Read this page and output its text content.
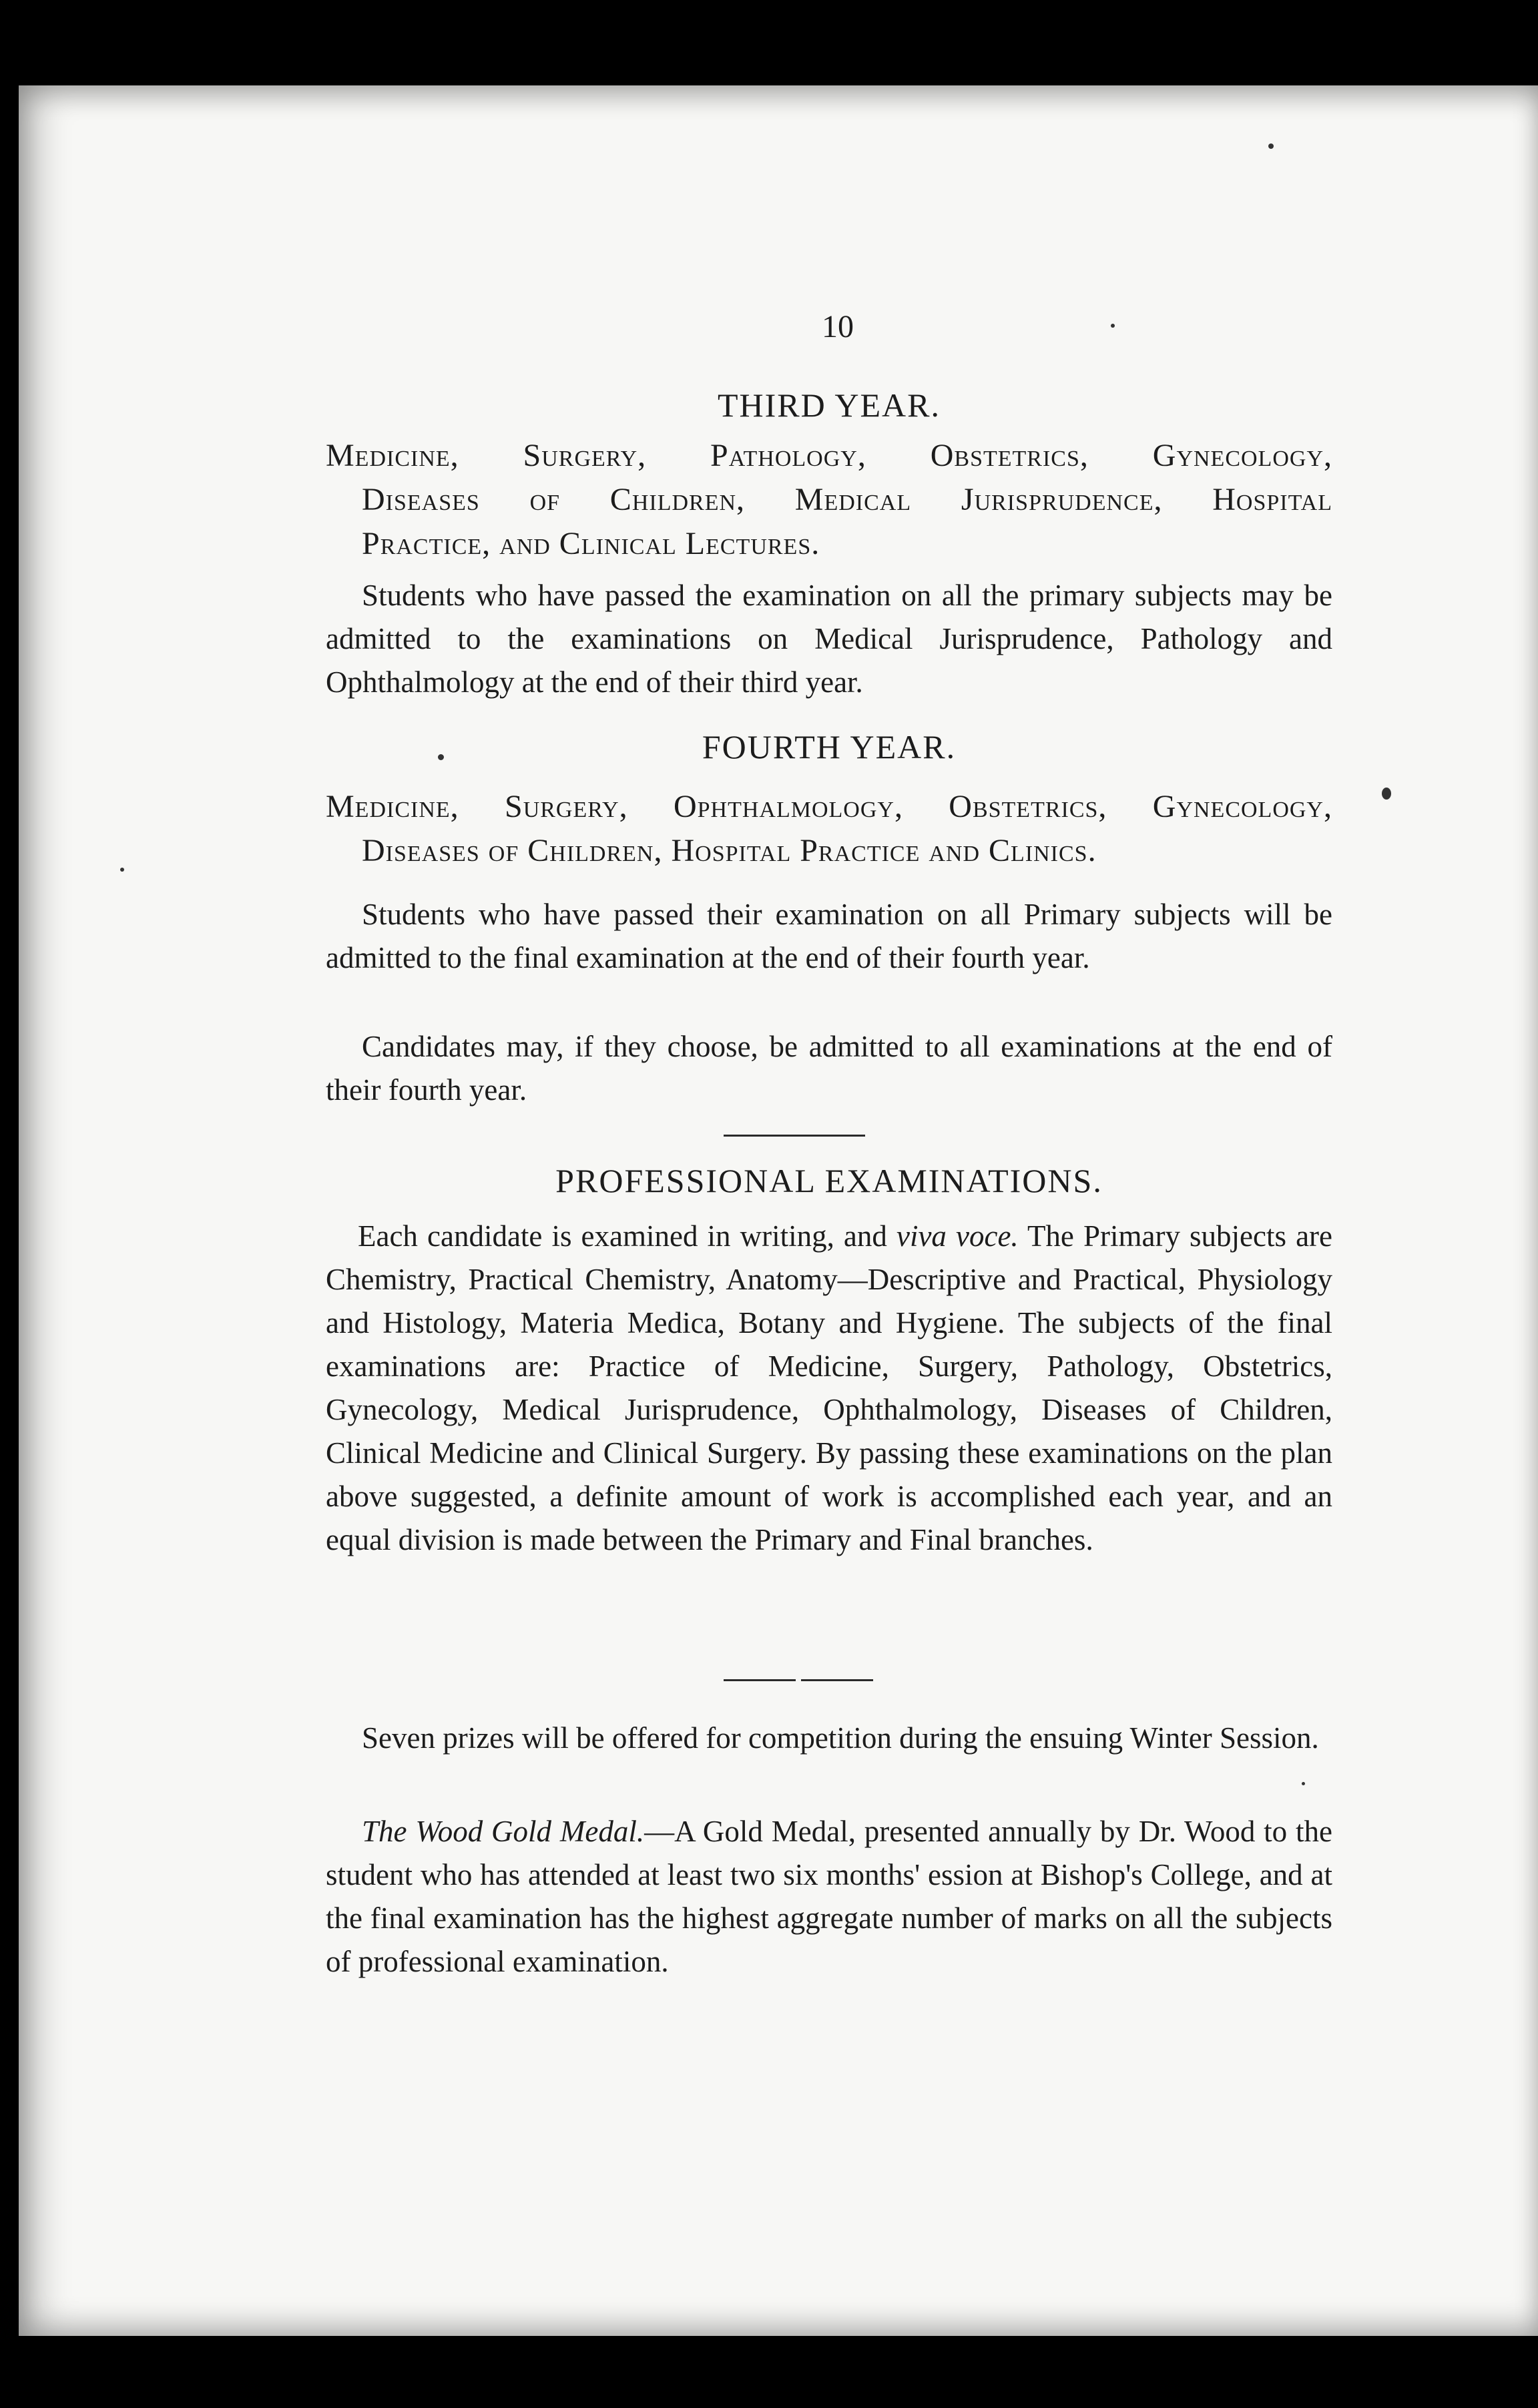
10
THIRD YEAR.
Medicine, Surgery, Pathology, Obstetrics, Gynecology,
Diseases of Children, Medical Jurisprudence, Hospital
Practice, and Clinical Lectures.
Students who have passed the examination on all the primary subjects may be admitted to the examinations on Medical Jurisprudence, Pathology and Ophthalmology at the end of their third year.
FOURTH YEAR.
Medicine, Surgery, Ophthalmology, Obstetrics, Gynecology,
Diseases of Children, Hospital Practice and Clinics.
Students who have passed their examination on all Primary subjects will be admitted to the final examination at the end of their fourth year.
Candidates may, if they choose, be admitted to all examinations at the end of their fourth year.
PROFESSIONAL EXAMINATIONS.
Each candidate is examined in writing, and viva voce. The Primary subjects are Chemistry, Practical Chemistry, Anatomy—Descriptive and Practical, Physiology and Histology, Materia Medica, Botany and Hygiene. The subjects of the final examinations are: Practice of Medicine, Surgery, Pathology, Obstetrics, Gynecology, Medical Jurisprudence, Ophthalmology, Diseases of Children, Clinical Medicine and Clinical Surgery. By passing these examinations on the plan above suggested, a definite amount of work is accomplished each year, and an equal division is made between the Primary and Final branches.
Seven prizes will be offered for competition during the ensuing Winter Session.
The Wood Gold Medal.—A Gold Medal, presented annually by Dr. Wood to the student who has attended at least two six months' ession at Bishop's College, and at the final examination has the highest aggregate number of marks on all the subjects of professional examination.
